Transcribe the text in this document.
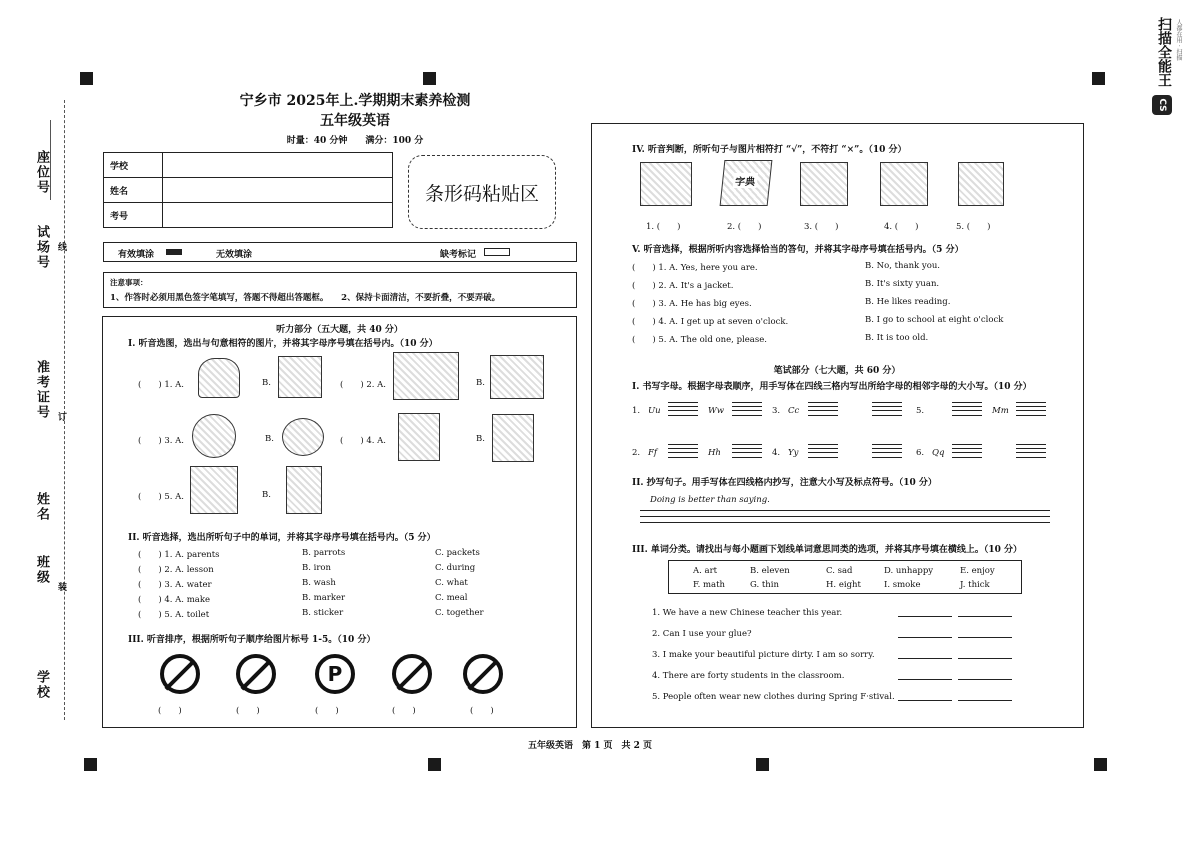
CS
扫描全能王 人都在用 · 扫描
座位号
试场号
准考证号
姓名
班级
学校
线
订
装
宁乡市 2025年上.学期期末素养检测
五年级英语
时量：40 分钟　　满分：100 分
学校	
姓名	
考号	
条形码粘贴区
有效填涂	无效填涂	缺考标记
注意事项：
1、作答时必须用黑色签字笔填写，答题不得超出答题框。　　2、保持卡面清洁，不要折叠，不要弄破。
听力部分（五大题，共 40 分）
I. 听音选图，选出与句意相符的图片，并将其字母序号填在括号内。（10 分）
(　　) 1. A.	B.	(　　) 2. A.	B.
(　　) 3. A.	B.	(　　) 4. A.	B.
(　　) 5. A.	B.
II. 听音选择，选出所听句子中的单词，并将其字母序号填在括号内。（5 分）
(　　) 1. A. parents	B. parrots	C. packets
(　　) 2. A. lesson	B. iron	C. during
(　　) 3. A. water	B. wash	C. what
(　　) 4. A. make	B. marker	C. meal
(　　) 5. A. toilet	B. sticker	C. together
III. 听音排序，根据所听句子顺序给图片标号 1-5。（10 分）
P
(　　)	(　　)	(　　)	(　　)	(　　)
IV. 听音判断，所听句子与图片相符打 “√”，不符打 “×”。（10 分）
字典
1. (　　)	2. (　　)	3. (　　)	4. (　　)	5. (　　)
V. 听音选择，根据所听内容选择恰当的答句，并将其字母序号填在括号内。（5 分）
(　　) 1. A. Yes, here you are.	B. No, thank you.
(　　) 2. A. It's a jacket.	B. It's sixty yuan.
(　　) 3. A. He has big eyes.	B. He likes reading.
(　　) 4. A. I get up at seven o'clock.	B. I go to school at eight o'clock
(　　) 5. A. The old one, please.	B. It is too old.
笔试部分（七大题，共 60 分）
I. 书写字母。根据字母表顺序，用手写体在四线三格内写出所给字母的相邻字母的大小写。（10 分）
1. Uu	Ww	3. Cc	5.	Mm
2. Ff	Hh	4. Yy	6. Qq
II. 抄写句子。用手写体在四线格内抄写，注意大小写及标点符号。（10 分）
Doing is better than saying.
III. 单词分类。请找出与每小题画下划线单词意思同类的选项，并将其序号填在横线上。（10 分）
A. art	B. eleven	C. sad	D. unhappy	E. enjoy
F. math	G. thin	H. eight	I. smoke	J. thick
1. We have a new Chinese teacher this year.
2. Can I use your glue?
3. I make your beautiful picture dirty. I am so sorry.
4. There are forty students in the classroom.
5. People often wear new clothes during Spring F·stival.
五年级英语　第 1 页　共 2 页
